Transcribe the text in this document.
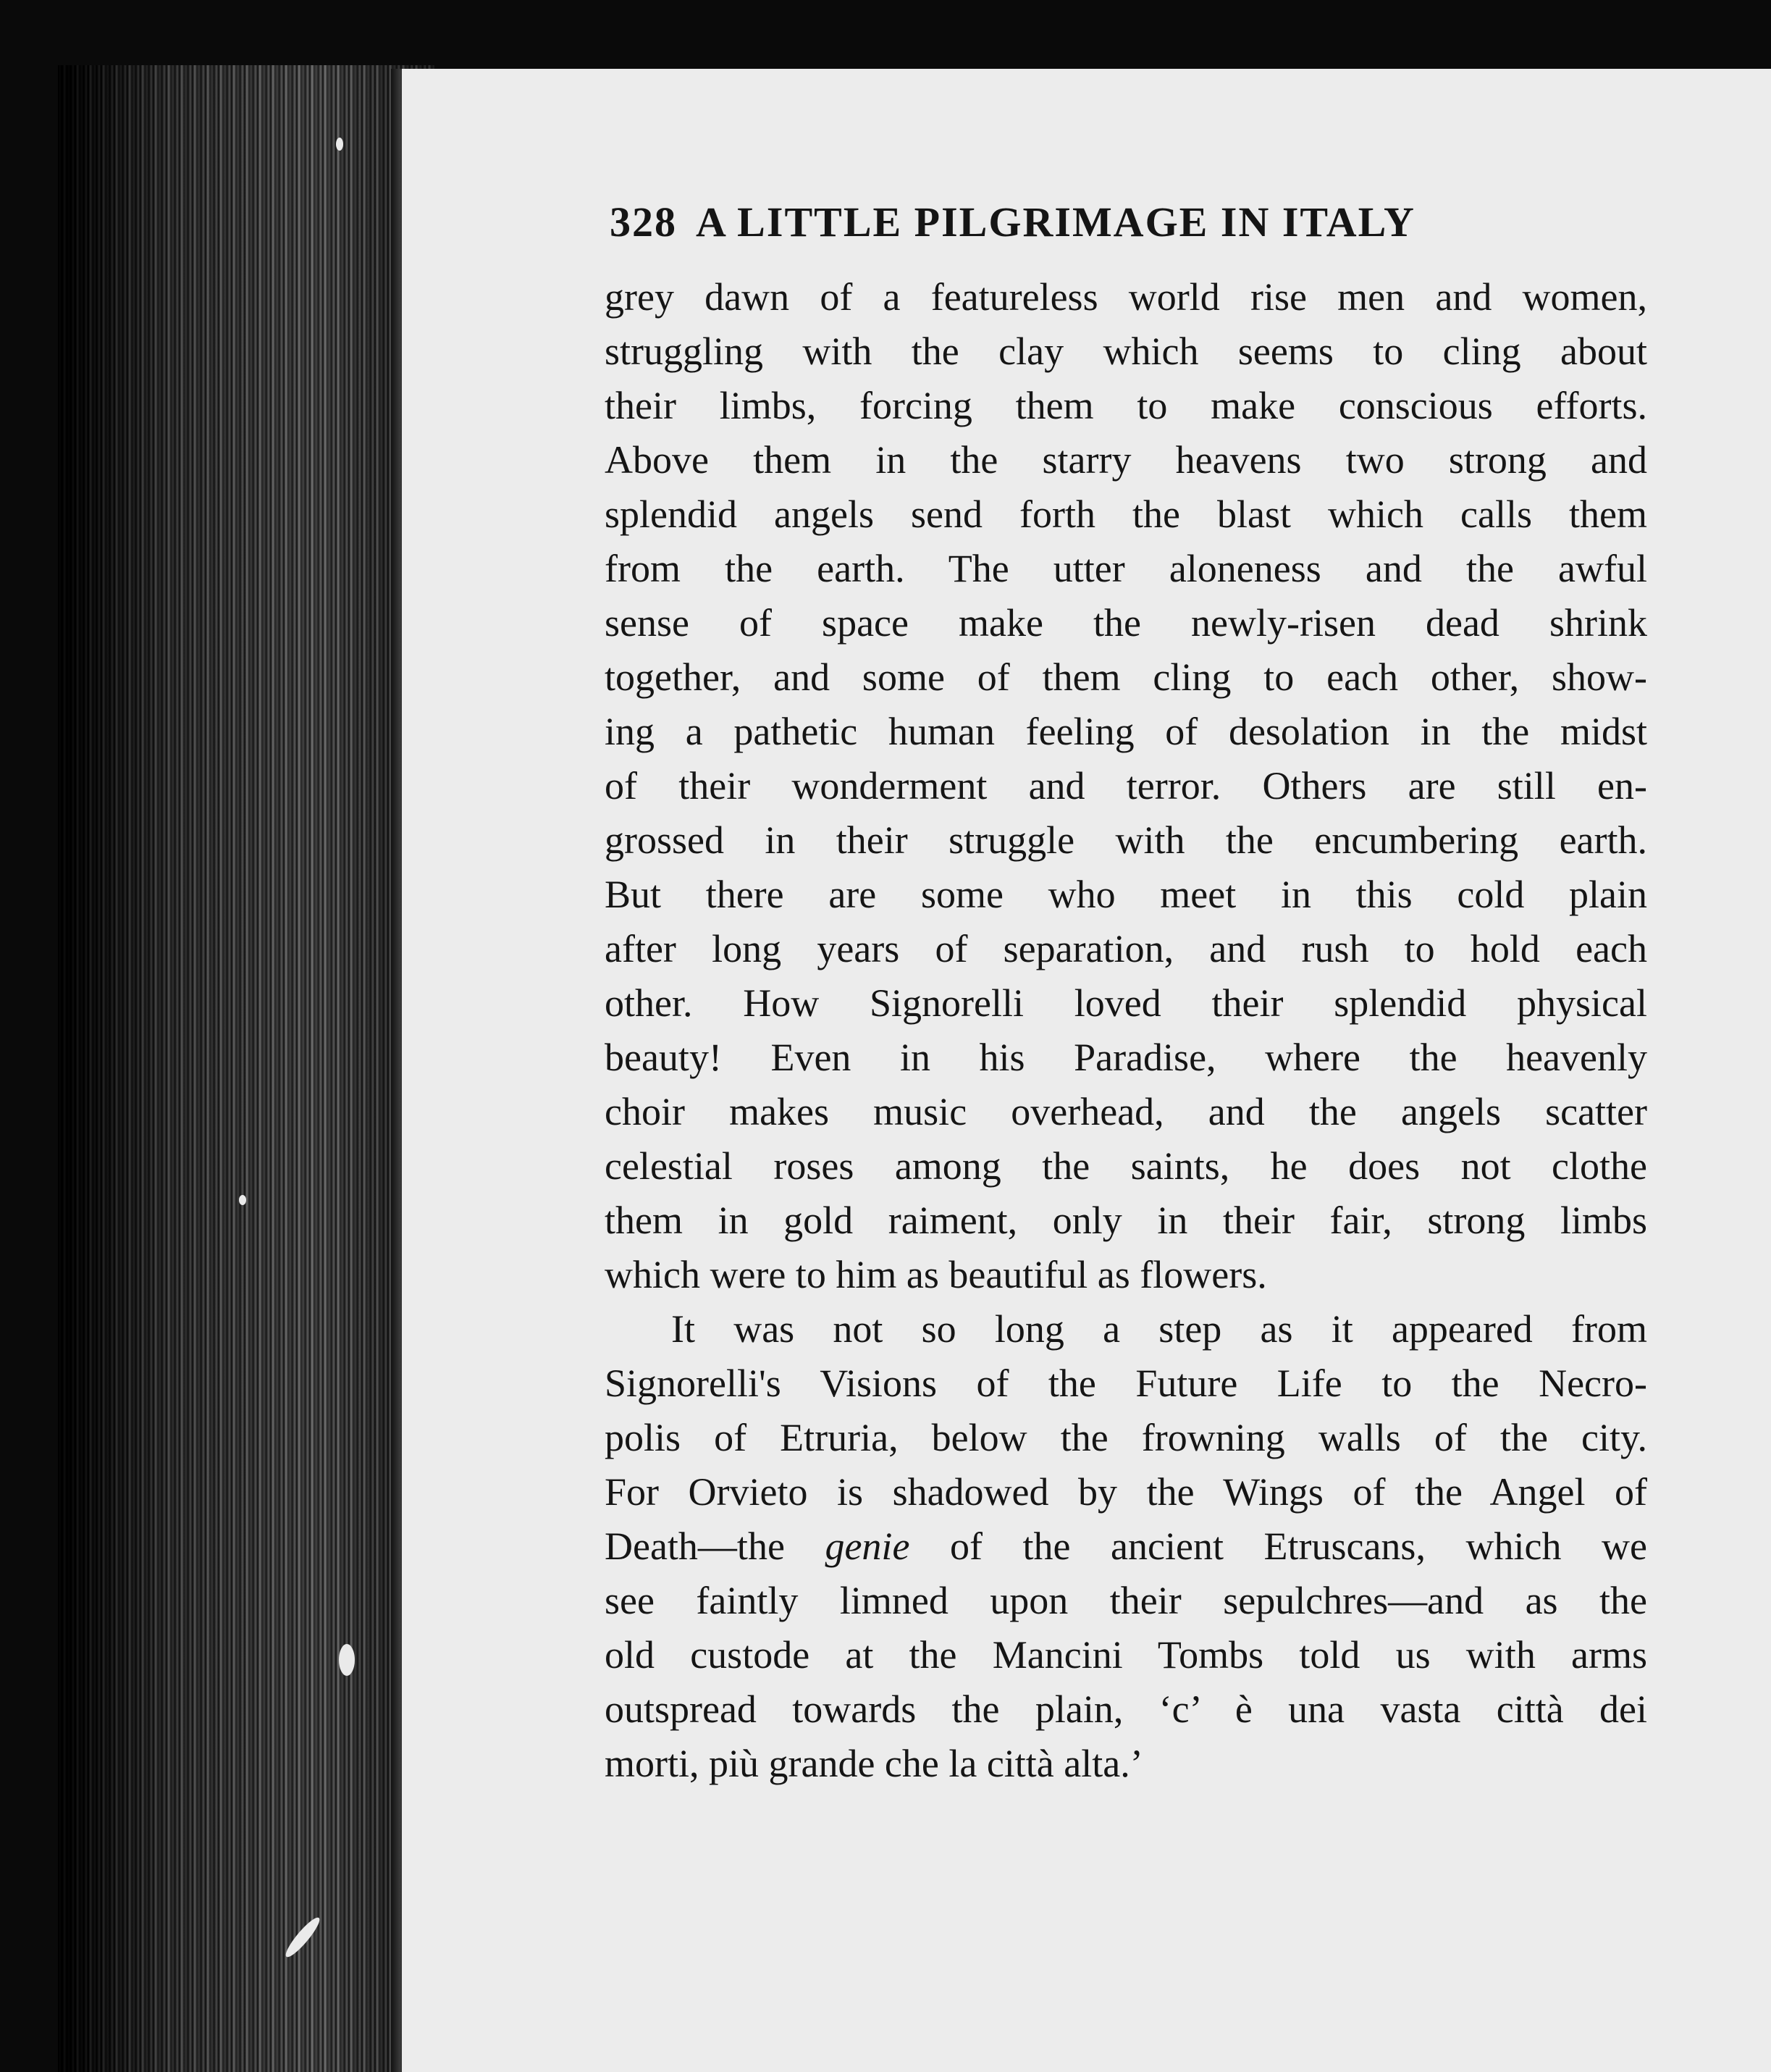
328 A LITTLE PILGRIMAGE IN ITALY

grey dawn of a featureless world rise men and women,
struggling with the clay which seems to cling about
their limbs, forcing them to make conscious efforts.
Above them in the starry heavens two strong and
splendid angels send forth the blast which calls them
from the earth. The utter aloneness and the awful
sense of space make the newly-risen dead shrink
together, and some of them cling to each other, show-
ing a pathetic human feeling of desolation in the midst
of their wonderment and terror. Others are still en-
grossed in their struggle with the encumbering earth.
But there are some who meet in this cold plain
after long years of separation, and rush to hold each
other. How Signorelli loved their splendid physical
beauty! Even in his Paradise, where the heavenly
choir makes music overhead, and the angels scatter
celestial roses among the saints, he does not clothe
them in gold raiment, only in their fair, strong limbs
which were to him as beautiful as flowers.

It was not so long a step as it appeared from
Signorelli's Visions of the Future Life to the Necro-
polis of Etruria, below the frowning walls of the city.
For Orvieto is shadowed by the Wings of the Angel of
Death—the genie of the ancient Etruscans, which we
see faintly limned upon their sepulchres—and as the
old custode at the Mancini Tombs told us with arms
outspread towards the plain, ‘c’ è una vasta città dei
morti, più grande che la città alta.’
